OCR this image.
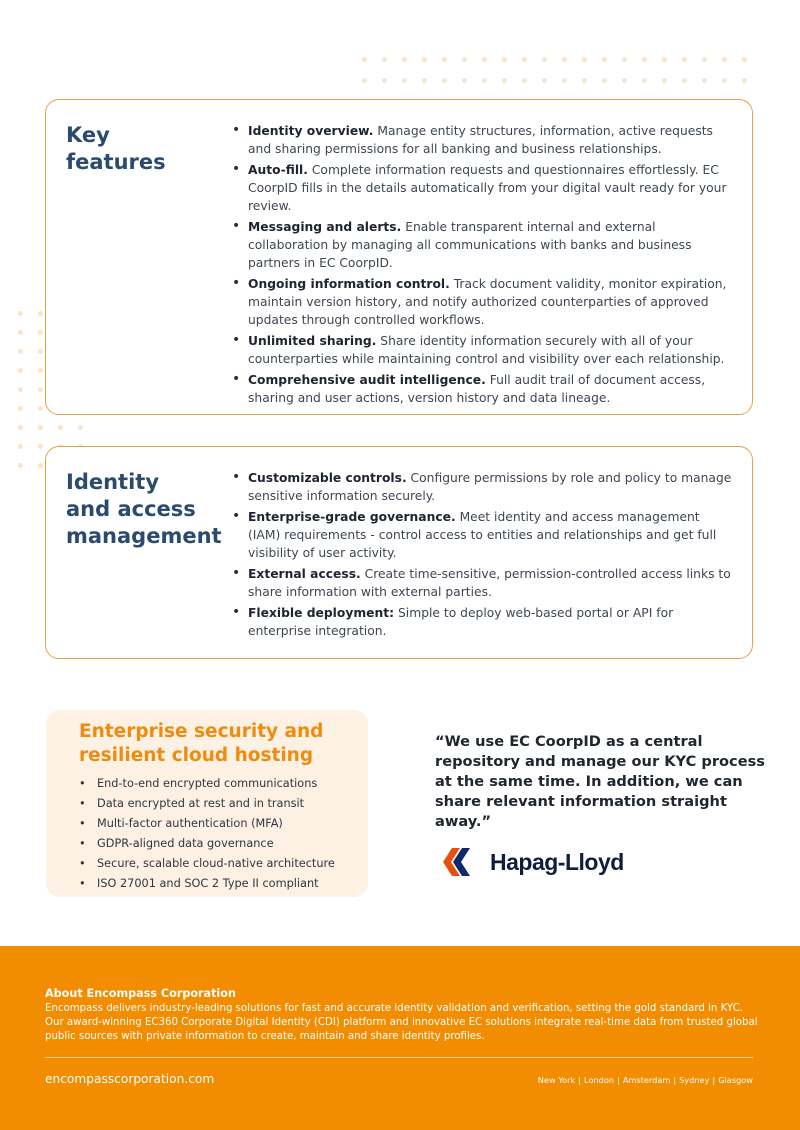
Key
features
• Identity overview. Manage entity structures, information, active requests and sharing permissions for all banking and business relationships.
• Auto-fill. Complete information requests and questionnaires effortlessly. EC CoorpID fills in the details automatically from your digital vault ready for your review.
• Messaging and alerts. Enable transparent internal and external collaboration by managing all communications with banks and business partners in EC CoorpID.
• Ongoing information control. Track document validity, monitor expiration, maintain version history, and notify authorized counterparties of approved updates through controlled workflows.
• Unlimited sharing. Share identity information securely with all of your counterparties while maintaining control and visibility over each relationship.
• Comprehensive audit intelligence. Full audit trail of document access, sharing and user actions, version history and data lineage.
Identity
and access
management
• Customizable controls. Configure permissions by role and policy to manage sensitive information securely.
• Enterprise-grade governance. Meet identity and access management (IAM) requirements - control access to entities and relationships and get full visibility of user activity.
• External access. Create time-sensitive, permission-controlled access links to share information with external parties.
• Flexible deployment: Simple to deploy web-based portal or API for enterprise integration.
Enterprise security and resilient cloud hosting
• End-to-end encrypted communications
• Data encrypted at rest and in transit
• Multi-factor authentication (MFA)
• GDPR-aligned data governance
• Secure, scalable cloud-native architecture
• ISO 27001 and SOC 2 Type II compliant

“We use EC CoorpID as a central repository and manage our KYC process at the same time. In addition, we can share relevant information straight away.”

Hapag-Lloyd
About Encompass Corporation

Encompass delivers industry-leading solutions for fast and accurate identity validation and verification, setting the gold standard in KYC. Our award-winning EC360 Corporate Digital Identity (CDI) platform and innovative EC solutions integrate real-time data from trusted global public sources with private information to create, maintain and share identity profiles.

encompasscorporation.com	New York | London | Amsterdam | Sydney | Glasgow
